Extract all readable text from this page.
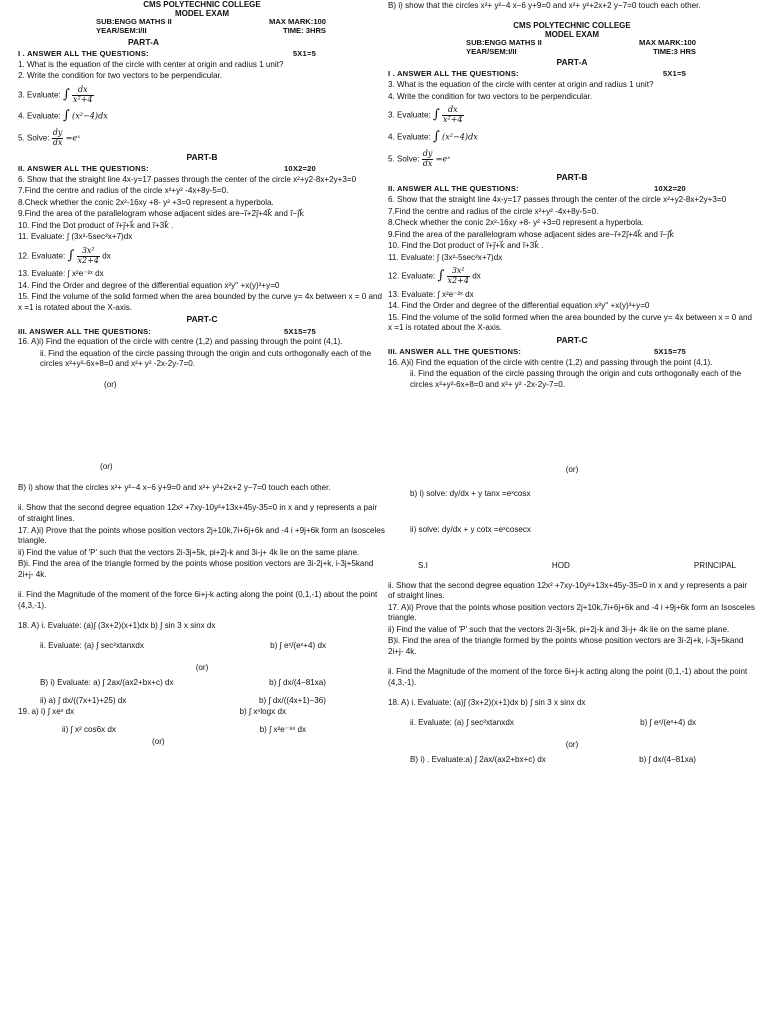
CMS POLYTECHNIC COLLEGE
MODEL EXAM
SUB:ENGG MATHS II	MAX MARK:100
YEAR/SEM:I/II	TIME: 3HRS
PART-A
I . ANSWER ALL THE QUESTIONS:	5X1=5

1. What is the equation of the circle with center at origin and radius 1 unit?

2. Write the condition for two vectors to be perpendicular.

3. Evaluate: ∫ $\frac{dx}{\text{x²+4}}$

4. Evaluate: ∫ (x²−4)dx

5. Solve: $\frac{dy}{dx}$ =eˣ

PART-B
II. ANSWER ALL THE QUESTIONS:	10X2=20

6. Show that the straight line 4x-y=17 passes through the center of the circle x²+y2-8x+2y+3=0

7.Find the centre and radius of the circle x²+y² -4x+8y-5=0.

8.Check whether the conic 2x²-16xy +8- y² +3=0 represent a hyperbola.

9.Find the area of the parallelogram whose adjacent sides are−i⃗+2j⃗+4k⃗ and i⃗−j⃗k⃗

10. Find the Dot product of i⃗+j⃗+k⃗ and i⃗+3k⃗ .

11. Evaluate: ∫ (3x²-5sec²x+7)dx

12. Evaluate: ∫ $\frac{\text{3x²}}{x2+4}$ dx

13. Evaluate: ∫ x²e⁻²ˣ dx

14. Find the Order and degree of the differential equation x²y'' +x(y)³+y=0

15. Find the volume of the solid formed when the area bounded by the curve y= 4x between x = 0 and x =1 is rotated about the X-axis.

PART-C
III. ANSWER ALL THE QUESTIONS:	5X15=75

16. A)i) Find the equation of the circle with centre (1,2) and passing through the point (4,1).

ii. Find the equation of the circle passing through the origin and cuts orthogonally each of the circles x²+y²-6x+8=0 and x²+ y² -2x-2y-7=0.

(or)

(or)

B) i) show that the circles x²+ y²−4 x−6 y+9=0 and x²+ y²+2x+2 y−7=0 touch each other.

ii. Show that the second degree equation 12x² +7xy-10y²+13x+45y-35=0 in x and y represents a pair of straight lines.

17. A)i) Prove that the points whose position vectors 2j+10k,7i+6j+6k and -4 i +9j+6k form an Isosceles triangle.

ii) Find the value of 'P' such that the vectors 2i-3j+5k, pi+2j-k and 3i-j+ 4k lie on the same plane.

B)i. Find the area of the triangle formed by the points whose position vectors are 3i-2j+k, i-3j+5kand 2i+j- 4k.

ii. Find the Magnitude of the moment of the force 6i+j-k acting along the point (0,1,-1) about the point (4,3,-1).

18. A) i. Evaluate: (a)∫ (3x+2)(x+1)dx b) ∫ sin 3 x sinx dx

ii. Evaluate: (a) ∫ sec²xtanxdx	b) ∫ eˣ/(eˣ+4) dx

(or)

B) i) Evaluate: a) ∫ 2ax/(ax2+bx+c) dx	b) ∫ dx/(4−81xa)
ii) a) ∫ dx/((7x+1)+25) dx	b) ∫ dx/((4x+1)−36)
19. a) i) ∫ xeˣ dx	b) ∫ xⁿlogx dx
ii) ∫ x² cos6x dx	b) ∫ x²e⁻⁹ˣ dx

(or)

B) i) show that the circles x²+ y²−4 x−6 y+9=0 and x²+ y²+2x+2 y−7=0 touch each other.

CMS POLYTECHNIC COLLEGE
MODEL EXAM
SUB:ENGG MATHS II	MAX MARK:100
YEAR/SEM:I/II	TIME:3 HRS
PART-A
I . ANSWER ALL THE QUESTIONS:	5X1=5

3. What is the equation of the circle with center at origin and radius 1 unit?

4. Write the condition for two vectors to be perpendicular.

3. Evaluate: ∫ $\frac{dx}{\text{x²+4}}$

4. Evaluate: ∫ (x²−4)dx

5. Solve: $\frac{dy}{dx}$ =eˣ

PART-B
II. ANSWER ALL THE QUESTIONS:	10X2=20

6. Show that the straight line 4x-y=17 passes through the center of the circle x²+y2-8x+2y+3=0

7.Find the centre and radius of the circle x²+y² -4x+8y-5=0.

8.Check whether the conic 2x²-16xy +8- y² +3=0 represent a hyperbola.

9.Find the area of the parallelogram whose adjacent sides are−i⃗+2j⃗+4k⃗ and i⃗−j⃗k⃗

10. Find the Dot product of i⃗+j⃗+k⃗ and i⃗+3k⃗ .

11. Evaluate: ∫ (3x²-5sec²x+7)dx

12. Evaluate: ∫ $\frac{\text{3x²}}{x2+4}$ dx

13. Evaluate: ∫ x²e⁻²ˣ dx

14. Find the Order and degree of the differential equation x²y'' +x(y)³+y=0

15. Find the volume of the solid formed when the area bounded by the curve y= 4x between x = 0 and x =1 is rotated about the X-axis.

PART-C
III. ANSWER ALL THE QUESTIONS:	5X15=75

16. A)i) Find the equation of the circle with centre (1,2) and passing through the point (4,1).

ii. Find the equation of the circle passing through the origin and cuts orthogonally each of the circles x²+y²-6x+8=0 and x²+ y² -2x-2y-7=0.

(or)

b) i) solve: dy/dx + y tanx =eˣcosx

ii) solve: dy/dx + y cotx =eˣcosecx

S.I	HOD	PRINCIPAL

ii. Show that the second degree equation 12x² +7xy-10y²+13x+45y-35=0 in x and y represents a pair of straight lines.

17. A)i) Prove that the points whose position vectors 2j+10k,7i+6j+6k and -4 i +9j+6k form an Isosceles triangle.

ii) Find the value of 'P' such that the vectors 2i-3j+5k, pi+2j-k and 3i-j+ 4k lie on the same plane.

B)i. Find the area of the triangle formed by the points whose position vectors are 3i-2j+k, i-3j+5kand 2i+j- 4k.

ii. Find the Magnitude of the moment of the force 6i+j-k acting along the point (0,1,-1) about the point (4,3,-1).

18. A) i. Evaluate: (a)∫ (3x+2)(x+1)dx b) ∫ sin 3 x sinx dx

ii. Evaluate: (a) ∫ sec²xtanxdx	b) ∫ eˣ/(eˣ+4) dx

(or)

B) i) . Evaluate:a) ∫ 2ax/(ax2+bx+c) dx	b) ∫ dx/(4−81xa)
